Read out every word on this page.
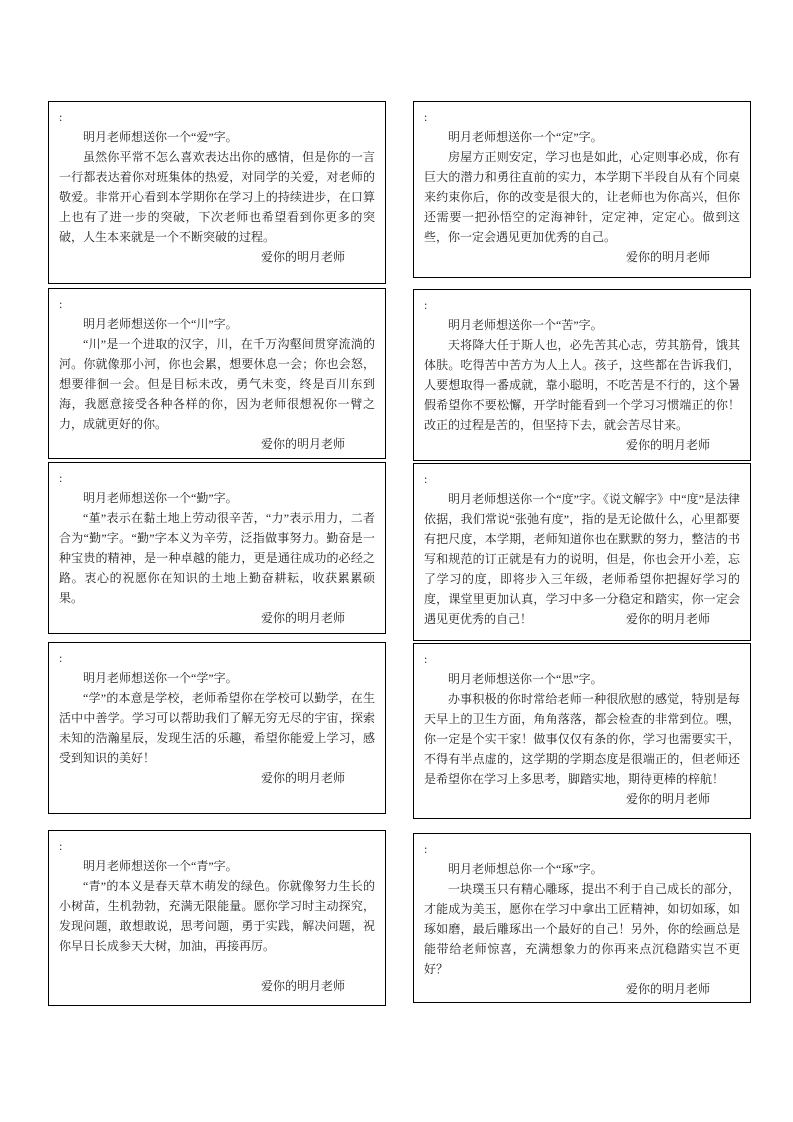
:

明月老师想送你一个“爱”字。

虽然你平常不怎么喜欢表达出你的感情，但是你的一言一行都表达着你对班集体的热爱，对同学的关爱，对老师的敬爱。非常开心看到本学期你在学习上的持续进步，在口算上也有了进一步的突破，下次老师也希望看到你更多的突破，人生本来就是一个不断突破的过程。

爱你的明月老师
:

明月老师想送你一个“定”字。

房屋方正则安定，学习也是如此，心定则事必成，你有巨大的潜力和勇往直前的实力，本学期下半段自从有个同桌来约束你后，你的改变是很大的，让老师也为你高兴，但你还需要一把孙悟空的定海神针，定定神，定定心。做到这些，你一定会遇见更加优秀的自己。

爱你的明月老师
:

明月老师想送你一个“川”字。

“川”是一个进取的汉字，川，在千万沟壑间贯穿流淌的河。你就像那小河，你也会累，想要休息一会；你也会怒，想要徘徊一会。但是目标未改，勇气未变，终是百川东到海，我愿意接受各种各样的你，因为老师很想祝你一臂之力，成就更好的你。

爱你的明月老师
:

明月老师想送你一个“苦”字。

天将降大任于斯人也，必先苦其心志，劳其筋骨，饿其体肤。吃得苦中苦方为人上人。孩子，这些都在告诉我们，人要想取得一番成就，靠小聪明，不吃苦是不行的，这个暑假希望你不要松懈，开学时能看到一个学习习惯端正的你！改正的过程是苦的，但坚持下去，就会苦尽甘来。

爱你的明月老师
:

明月老师想送你一个“勤”字。

“堇”表示在黏土地上劳动很辛苦，“力”表示用力，二者合为“勤”字。“勤”字本义为辛劳，泛指做事努力。勤奋是一种宝贵的精神，是一种卓越的能力，更是通往成功的必经之路。衷心的祝愿你在知识的土地上勤奋耕耘，收获累累硕果。

爱你的明月老师
:

明月老师想送你一个“度”字。《说文解字》中“度”是法律依据，我们常说“张弛有度”，指的是无论做什么，心里都要有把尺度，本学期，老师知道你也在默默的努力，整洁的书写和规范的订正就是有力的说明，但是，你也会开小差，忘了学习的度，即将步入三年级，老师希望你把握好学习的度，课堂里更加认真，学习中多一分稳定和踏实，你一定会遇见更优秀的自己！	爱你的明月老师
:

明月老师想送你一个“学”字。

“学”的本意是学校，老师希望你在学校可以勤学，在生活中中善学。学习可以帮助我们了解无穷无尽的宇宙，探索未知的浩瀚星辰，发现生活的乐趣，希望你能爱上学习，感受到知识的美好！

爱你的明月老师
:

明月老师想送你一个“思”字。

办事积极的你时常给老师一种很欣慰的感觉，特别是每天早上的卫生方面，角角落落，都会检查的非常到位。嘿，你一定是个实干家！做事仅仅有条的你，学习也需要实干，不得有半点虚的，这学期的学期态度是很端正的，但老师还是希望你在学习上多思考，脚踏实地，期待更棒的梓航！

爱你的明月老师
:

明月老师想送你一个“青”字。

“青”的本义是春天草木萌发的绿色。你就像努力生长的小树苗，生机勃勃，充满无限能量。愿你学习时主动探究，发现问题，敢想敢说，思考问题，勇于实践，解决问题，祝你早日长成参天大树，加油，再接再厉。

爱你的明月老师
:

明月老师想总你一个“琢”字。

一块璞玉只有精心雕琢，提出不利于自己成长的部分，才能成为美玉，愿你在学习中拿出工匠精神，如切如琢，如琢如磨，最后雕琢出一个最好的自己！另外，你的绘画总是能带给老师惊喜，充满想象力的你再来点沉稳踏实岂不更好？

爱你的明月老师
